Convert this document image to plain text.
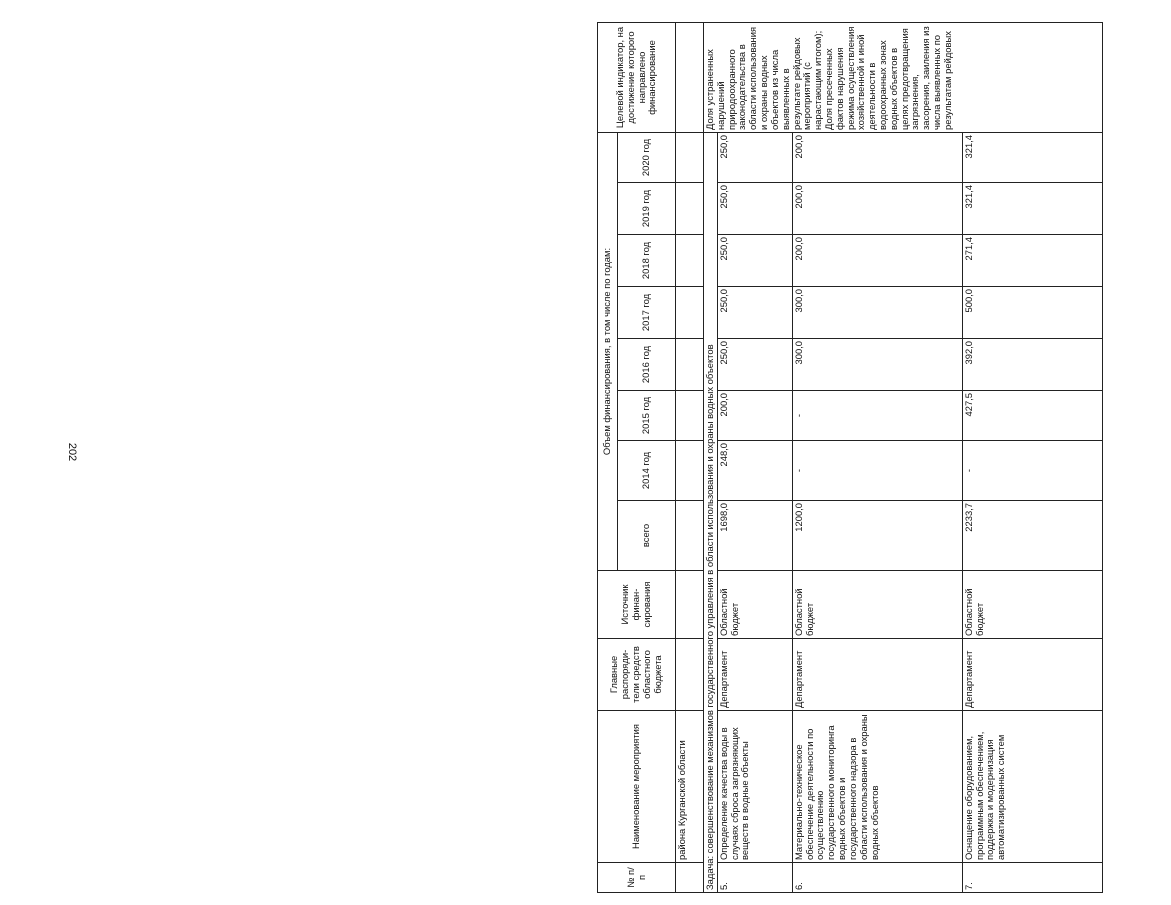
202
№ п/п	Наименование мероприятия	Главные распоряди-тели средств областного бюджета	Источник финан-сирования	Объем финансирования, в том числе по годам:								Целевой индикатор, на достижение которого направлено финансирование
				всего	2014 год	2015 год	2016 год	2017 год	2018 год	2019 год	2020 год	
	района Курганской области											
Задача: совершенствование механизмов государственного управления в области использования и охраны водных объектов												Доля устраненных нарушений природоохранного законодательства в области использования и охраны водных объектов из числа выявленных в результате рейдовых мероприятий (с нарастающим итогом); Доля пресеченных фактов нарушения режима осуществления хозяйственной и иной деятельности в водоохранных зонах водных объектов в целях предотвращения загрязнения, засорения, заиления из числа выявленных по результатам рейдовых
5.	Определение качества воды в случаях сброса загрязняющих веществ в водные объекты	Департамент	Областной бюджет	1698,0	248,0	200,0	250,0	250,0	250,0	250,0	250,0	
6.	Материально-техническое обеспечение деятельности по осуществлению государственного мониторинга водных объектов и государственного надзора в области использования и охраны водных объектов	Департамент	Областной бюджет	1200,0	-	-	300,0	300,0	200,0	200,0	200,0	
7.	Оснащение оборудованием, программным обеспечением, поддержка и модернизация автоматизированных систем	Департамент	Областной бюджет	2233,7	-	427,5	392,0	500,0	271,4	321,4	321,4	
